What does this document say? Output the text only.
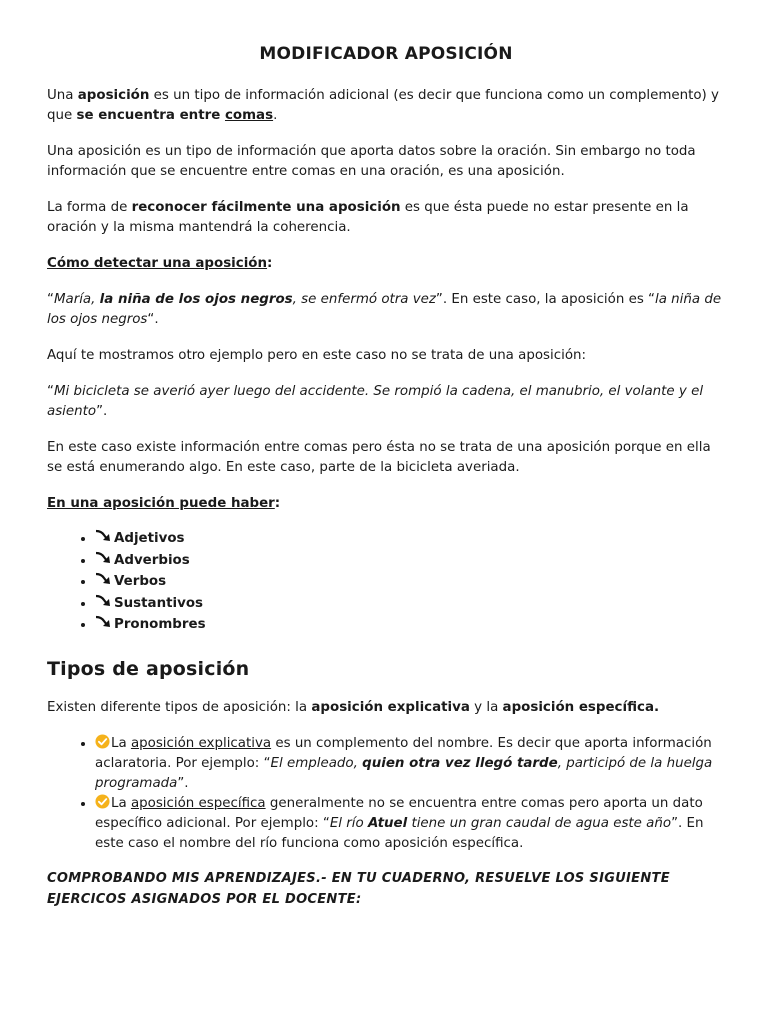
MODIFICADOR APOSICIÓN

Una aposición es un tipo de información adicional (es decir que funciona como un complemento) y que se encuentra entre comas.

Una aposición es un tipo de información que aporta datos sobre la oración. Sin embargo no toda información que se encuentre entre comas en una oración, es una aposición.

La forma de reconocer fácilmente una aposición es que ésta puede no estar presente en la oración y la misma mantendrá la coherencia.

Cómo detectar una aposición:

“María, la niña de los ojos negros, se enfermó otra vez”. En este caso, la aposición es “la niña de los ojos negros“.

Aquí te mostramos otro ejemplo pero en este caso no se trata de una aposición:

“Mi bicicleta se averió ayer luego del accidente. Se rompió la cadena, el manubrio, el volante y el asiento”.

En este caso existe información entre comas pero ésta no se trata de una aposición porque en ella se está enumerando algo. En este caso, parte de la bicicleta averiada.

En una aposición puede haber:

• Adjetivos
• Adverbios
• Verbos
• Sustantivos
• Pronombres
Tipos de aposición

Existen diferente tipos de aposición: la aposición explicativa y la aposición específica.

• La aposición explicativa es un complemento del nombre. Es decir que aporta información aclaratoria. Por ejemplo: “El empleado, quien otra vez llegó tarde, participó de la huelga programada”.
• La aposición específica generalmente no se encuentra entre comas pero aporta un dato específico adicional. Por ejemplo: “El río Atuel tiene un gran caudal de agua este año”. En este caso el nombre del río funciona como aposición específica.
COMPROBANDO MIS APRENDIZAJES.- EN TU CUADERNO, RESUELVE LOS SIGUIENTE EJERCICOS ASIGNADOS POR EL DOCENTE:
